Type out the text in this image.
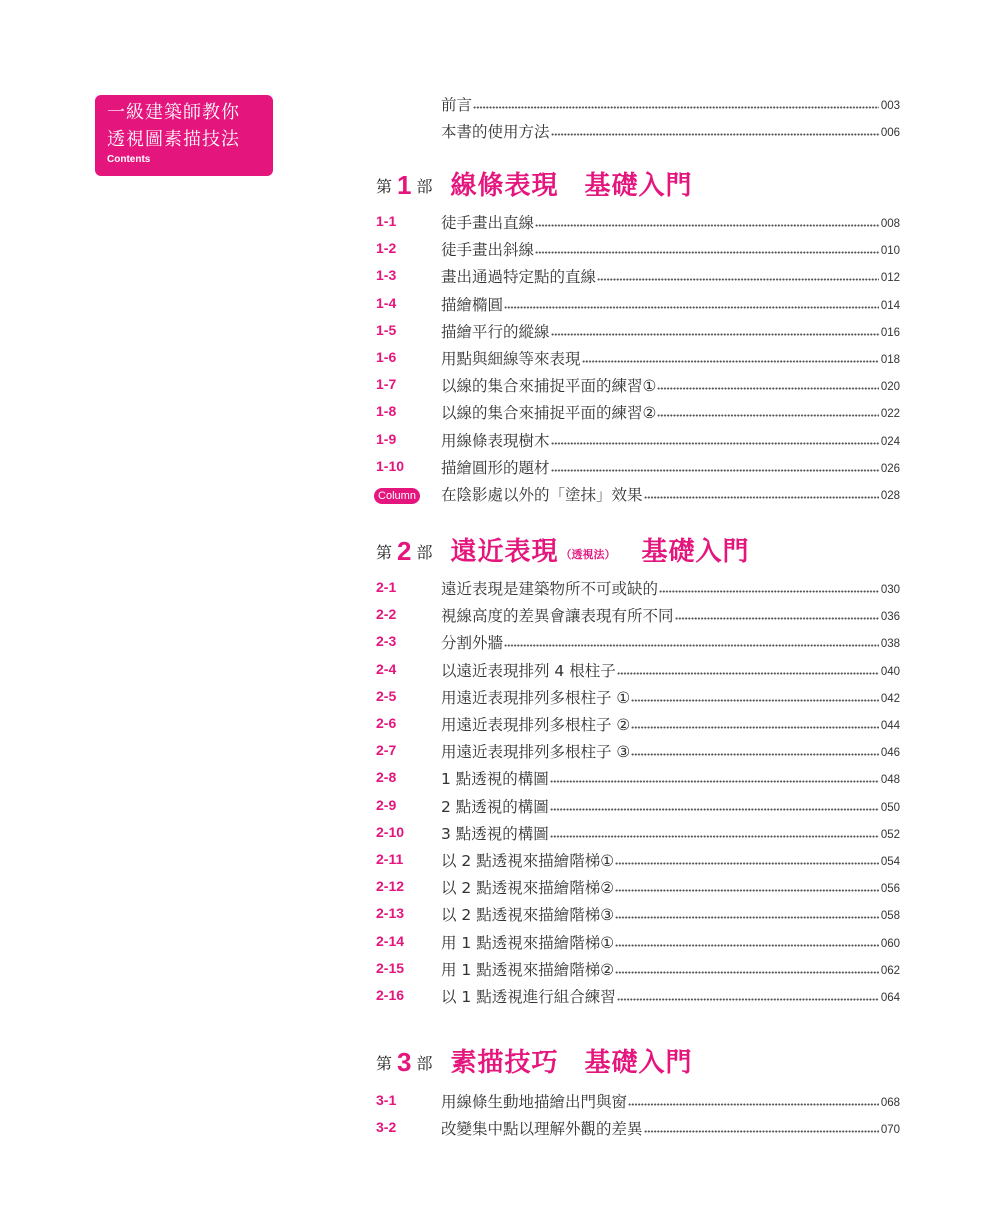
一級建築師教你
透視圖素描技法
Contents
前言	003
本書的使用方法	006
第 1 部 線條表現 基礎入門
1-1	徒手畫出直線	008
1-2	徒手畫出斜線	010
1-3	畫出通過特定點的直線	012
1-4	描繪橢圓	014
1-5	描繪平行的縱線	016
1-6	用點與細線等來表現	018
1-7	以線的集合來捕捉平面的練習①	020
1-8	以線的集合來捕捉平面的練習②	022
1-9	用線條表現樹木	024
1-10	描繪圓形的題材	026
Column 在陰影處以外的「塗抹」效果	028
第 2 部 遠近表現 （透視法） 基礎入門
2-1	遠近表現是建築物所不可或缺的	030
2-2	視線高度的差異會讓表現有所不同	036
2-3	分割外牆	038
2-4	以遠近表現排列 4 根柱子	040
2-5	用遠近表現排列多根柱子 ①	042
2-6	用遠近表現排列多根柱子 ②	044
2-7	用遠近表現排列多根柱子 ③	046
2-8	1 點透視的構圖	048
2-9	2 點透視的構圖	050
2-10	3 點透視的構圖	052
2-11	以 2 點透視來描繪階梯①	054
2-12	以 2 點透視來描繪階梯②	056
2-13	以 2 點透視來描繪階梯③	058
2-14	用 1 點透視來描繪階梯①	060
2-15	用 1 點透視來描繪階梯②	062
2-16	以 1 點透視進行組合練習	064
第 3 部 素描技巧 基礎入門
3-1	用線條生動地描繪出門與窗	068
3-2	改變集中點以理解外觀的差異	070
